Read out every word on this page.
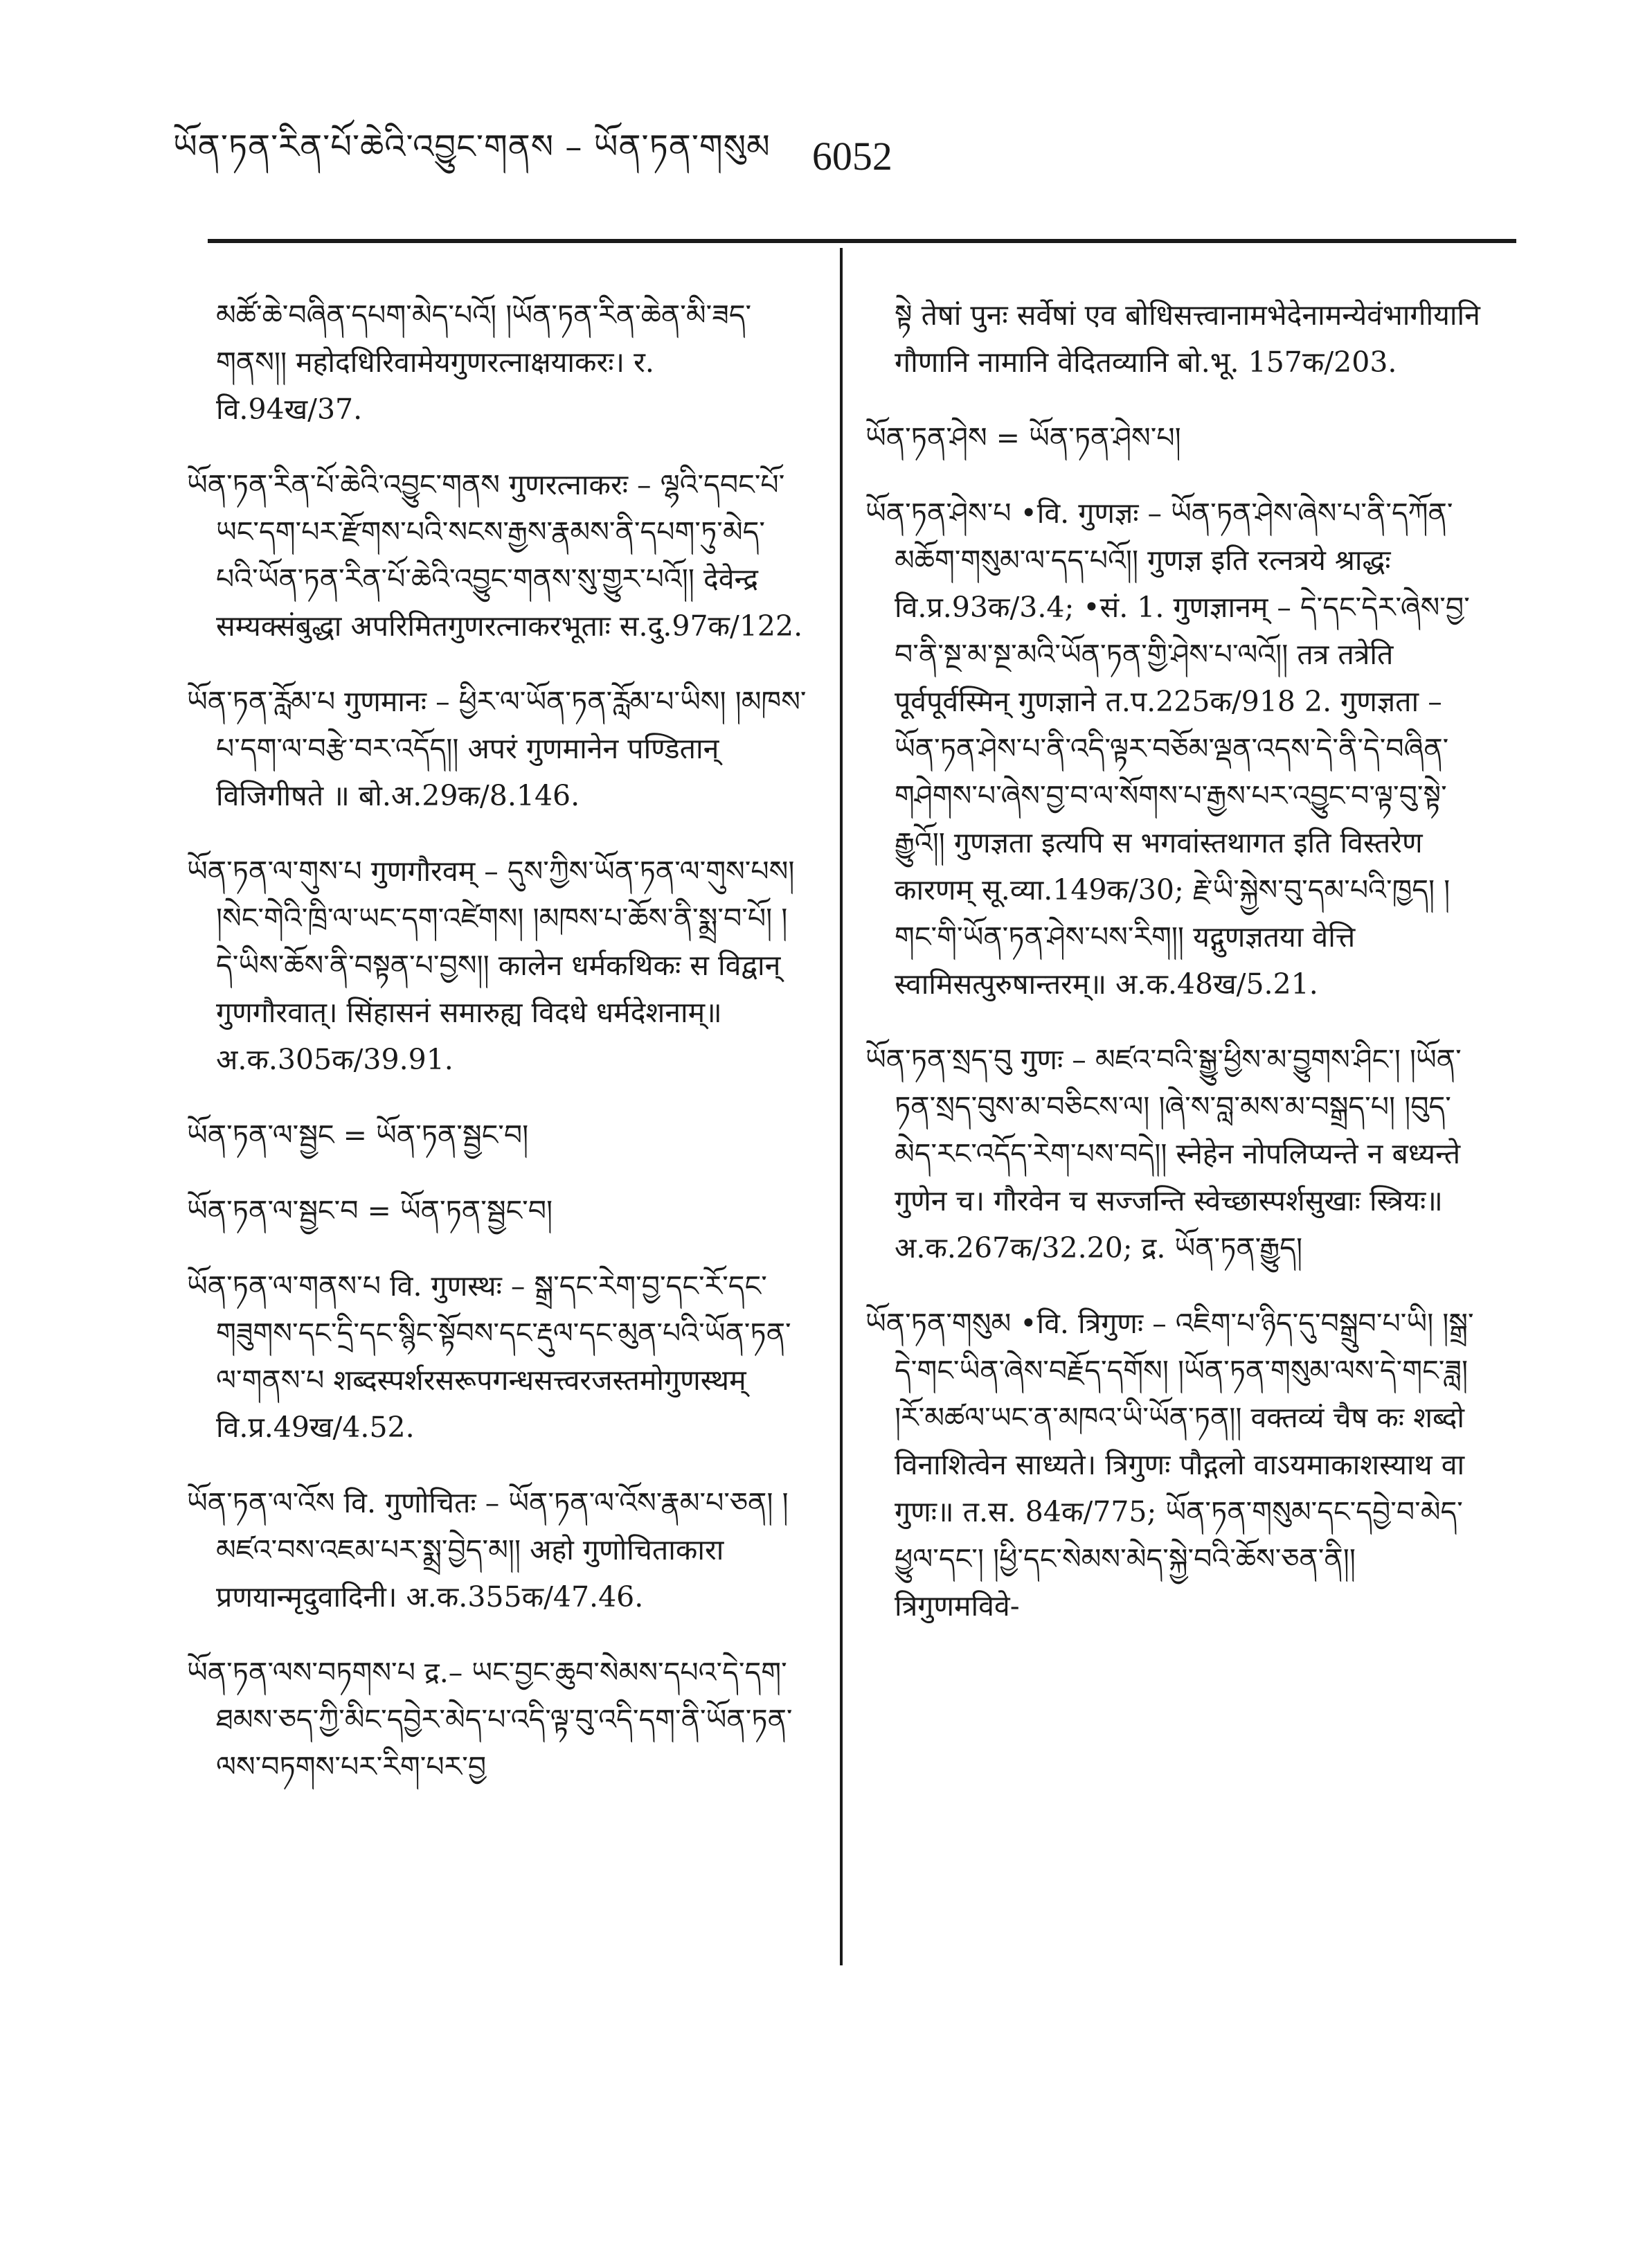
ཡོན་ཏན་རིན་པོ་ཆེའི་འབྱུང་གནས – ཡོན་ཏན་གསུམ 6052

མཚོ་ཆེ་བཞིན་དཔག་མེད་པའོ། །ཡོན་ཏན་རིན་ཆེན་མི་ཟད་གནས།། महोदधिरिवामेयगुणरत्नाक्षयाकरः। र. वि.94ख/37.

ཡོན་ཏན་རིན་པོ་ཆེའི་འབྱུང་གནས गुणरत्नाकरः – ལྷའི་དབང་པོ་ཡང་དག་པར་རྫོགས་པའི་སངས་རྒྱས་རྣམས་ནི་དཔག་ཏུ་མེད་པའི་ཡོན་ཏན་རིན་པོ་ཆེའི་འབྱུང་གནས་སུ་གྱུར་པའོ།། देवेन्द्र सम्यक्संबुद्धा अपरिमितगुणरत्नाकरभूताः स.दु.97क/122.

ཡོན་ཏན་རློམ་པ गुणमानः – ཕྱིར་ལ་ཡོན་ཏན་རློམ་པ་ཡིས། །མཁས་པ་དག་ལ་བརྩེ་བར་འདོད།། अपरं गुणमानेन पण्डितान् विजिगीषते ॥ बो.अ.29क/8.146.

ཡོན་ཏན་ལ་གུས་པ गुणगौरवम् – དུས་ཀྱིས་ཡོན་ཏན་ལ་གུས་པས། །སེང་གེའི་ཁྲི་ལ་ཡང་དག་འཛེགས། །མཁས་པ་ཆོས་ནི་སྨྲ་བ་པོ། །དེ་ཡིས་ཆོས་ནི་བསྟན་པ་བྱས།། कालेन धर्मकथिकः स विद्वान् गुणगौरवात्। सिंहासनं समारुह्य विदधे धर्मदेशनाम्॥ अ.क.305क/39.91.

ཡོན་ཏན་ལ་སྦྱང = ཡོན་ཏན་སྦྱང་བ།

ཡོན་ཏན་ལ་སྦྱང་བ = ཡོན་ཏན་སྦྱང་བ།

ཡོན་ཏན་ལ་གནས་པ वि. गुणस्थः – སྒྲ་དང་རེག་བྱ་དང་རོ་དང་གཟུགས་དང་དྲི་དང་སྙིང་སྟོབས་དང་རྡུལ་དང་མུན་པའི་ཡོན་ཏན་ལ་གནས་པ शब्दस्पर्शरसरूपगन्धसत्त्वरजस्तमोगुणस्थम् वि.प्र.49ख/4.52.

ཡོན་ཏན་ལ་འོས वि. गुणोचितः – ཡོན་ཏན་ལ་འོས་རྣམ་པ་ཅན། །མཛའ་བས་འཇམ་པར་སྨྲ་བྱེད་མ།། अहो गुणोचिताकारा प्रणयान्मृदुवादिनी। अ.क.355क/47.46.

ཡོན་ཏན་ལས་བཏགས་པ द्र.– ཡང་བྱང་ཆུབ་སེམས་དཔའ་དེ་དག་ཐམས་ཅད་ཀྱི་མིང་དབྱེར་མེད་པ་འདི་ལྟ་བུ་འདི་དག་ནི་ཡོན་ཏན་ལས་བཏགས་པར་རིག་པར་བྱ

སྟེ तेषां पुनः सर्वेषां एव बोधिसत्त्वानामभेदेनामन्येवंभागीयानि गौणानि नामानि वेदितव्यानि बो.भू. 157क/203.

ཡོན་ཏན་ཤེས = ཡོན་ཏན་ཤེས་པ།

ཡོན་ཏན་ཤེས་པ •वि. गुणज्ञः – ཡོན་ཏན་ཤེས་ཞེས་པ་ནི་དཀོན་མཆོག་གསུམ་ལ་དད་པའོ།། गुणज्ञ इति रत्नत्रये श्राद्धः वि.प्र.93क/3.4; •सं. 1. गुणज्ञानम् – དེ་དང་དེར་ཞེས་བྱ་བ་ནི་སྔ་མ་སྔ་མའི་ཡོན་ཏན་གྱི་ཤེས་པ་ལའོ།། तत्र तत्रेति पूर्वपूर्वस्मिन् गुणज्ञाने त.प.225क/918 2. गुणज्ञता – ཡོན་ཏན་ཤེས་པ་ནི་འདི་ལྟར་བཅོམ་ལྡན་འདས་དེ་ནི་དེ་བཞིན་གཤེགས་པ་ཞེས་བྱ་བ་ལ་སོགས་པ་རྒྱས་པར་འབྱུང་བ་ལྟ་བུ་སྟེ་རྒྱུའོ།། गुणज्ञता इत्यपि स भगवांस्तथागत इति विस्तरेण कारणम् सू.व्या.149क/30; རྗེ་ཡི་སྐྱེས་བུ་དམ་པའི་ཁྱད། །གང་གི་ཡོན་ཏན་ཤེས་པས་རིག།། यद्गुणज्ञतया वेत्ति स्वामिसत्पुरुषान्तरम्॥ अ.क.48ख/5.21.

ཡོན་ཏན་སྲད་བུ गुणः – མཛའ་བའི་སྒྱུ་ཕྱིས་མ་བྱུགས་ཤིང་། །ཡོན་ཏན་སྲད་བུས་མ་བཅིངས་ལ། །ཞེ་ས་བླ་མས་མ་བསྒྲད་པ། །བུད་མེད་རང་འདོད་རེག་པས་བདེ།། स्नेहेन नोपलिप्यन्ते न बध्यन्ते गुणेन च। गौरवेन च सज्जन्ति स्वेच्छास्पर्शसुखाः स्त्रियः॥ अ.क.267क/32.20; द्र. ཡོན་ཏན་རྒྱུད།

ཡོན་ཏན་གསུམ •वि. त्रिगुणः – འཇིག་པ་ཉིད་དུ་བསྒྲུབ་པ་ཡི། །སྒྲ་དེ་གང་ཡིན་ཞེས་བརྗོད་དགོས། །ཡོན་ཏན་གསུམ་ལས་དེ་གང་ཟླ། །རོ་མཚལ་ཡང་ན་མཁའ་ཡི་ཡོན་ཏན།། वक्तव्यं चैष कः शब्दो विनाशित्वेन साध्यते। त्रिगुणः पौद्गलो वाऽयमाकाशस्याथ वा गुणः॥ त.स. 84क/775; ཡོན་ཏན་གསུམ་དང་དབྱེ་བ་མེད་ཕྱུལ་དང་། །ཕྱི་དང་སེམས་མེད་སྐྱེ་བའི་ཆོས་ཅན་ནི།། त्रिगुणमविवे-
